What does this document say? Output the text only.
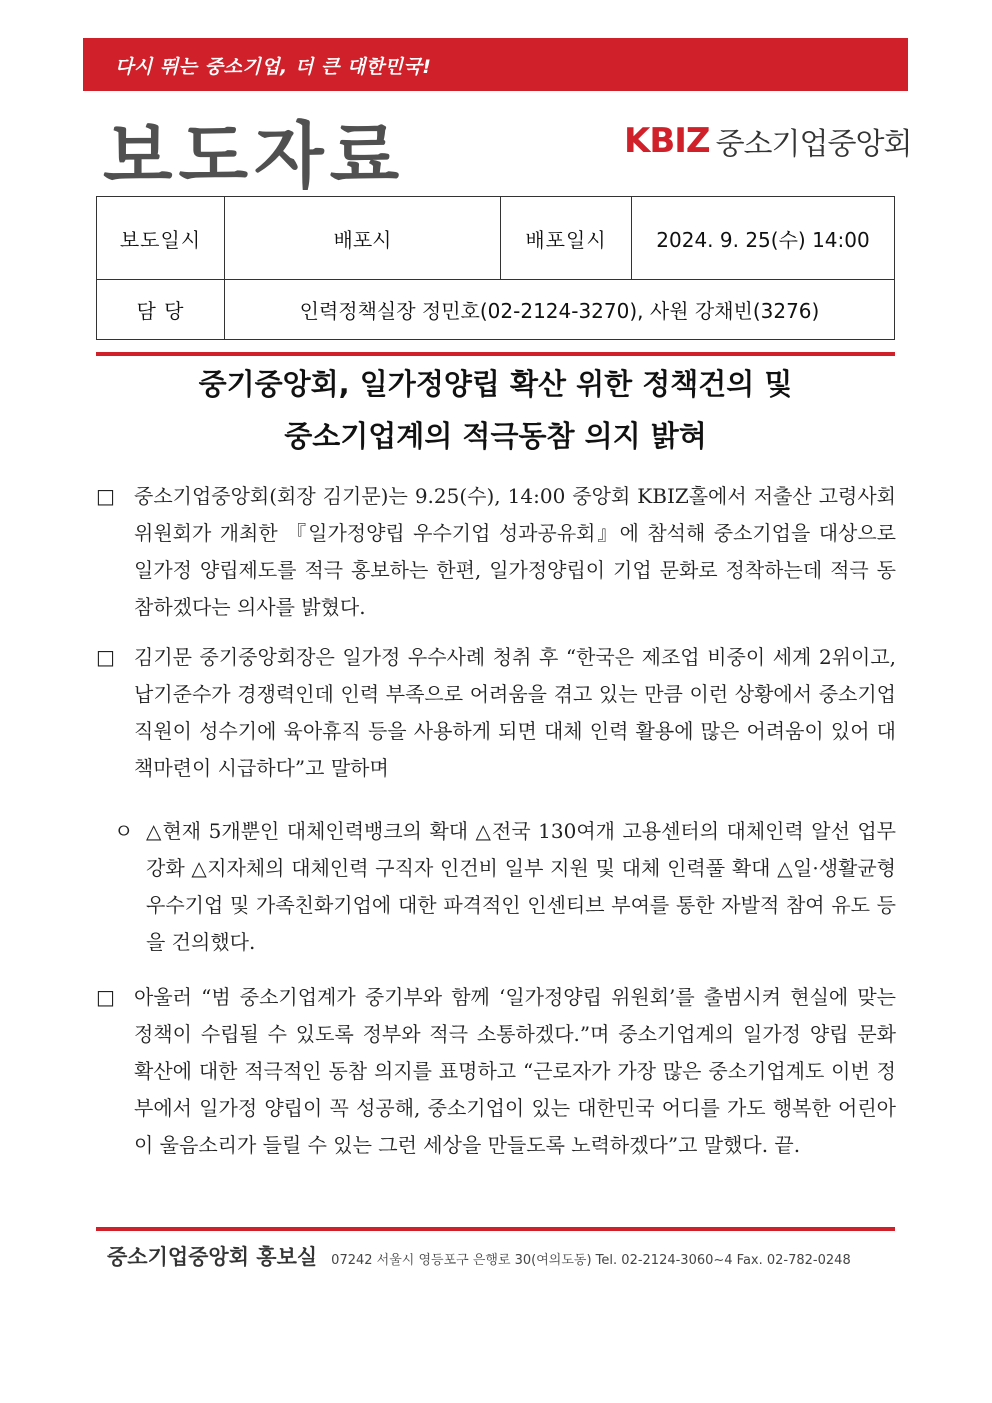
다시 뛰는 중소기업, 더 큰 대한민국!
보도자료	KBIZ 중소기업중앙회
보도일시	배포시	배포일시	2024. 9. 25(수) 14:00
담 당	인력정책실장 정민호(02-2124-3270), 사원 강채빈(3276)		
중기중앙회, 일가정양립 확산 위한 정책건의 및
중소기업계의 적극동참 의지 밝혀
□ 중소기업중앙회(회장 김기문)는 9.25(수), 14:00 중앙회 KBIZ홀에서 저출산 고령사회위원회가 개최한 『일가정양립 우수기업 성과공유회』에 참석해 중소기업을 대상으로 일가정 양립제도를 적극 홍보하는 한편, 일가정양립이 기업 문화로 정착하는데 적극 동참하겠다는 의사를 밝혔다.
□ 김기문 중기중앙회장은 일가정 우수사례 청취 후 “한국은 제조업 비중이 세계 2위이고, 납기준수가 경쟁력인데 인력 부족으로 어려움을 겪고 있는 만큼 이런 상황에서 중소기업 직원이 성수기에 육아휴직 등을 사용하게 되면 대체 인력 활용에 많은 어려움이 있어 대책마련이 시급하다”고 말하며
ㅇ △현재 5개뿐인 대체인력뱅크의 확대 △전국 130여개 고용센터의 대체인력 알선 업무 강화 △지자체의 대체인력 구직자 인건비 일부 지원 및 대체 인력풀 확대 △일·생활균형 우수기업 및 가족친화기업에 대한 파격적인 인센티브 부여를 통한 자발적 참여 유도 등을 건의했다.
□ 아울러 “범 중소기업계가 중기부와 함께 ‘일가정양립 위원회’를 출범시켜 현실에 맞는 정책이 수립될 수 있도록 정부와 적극 소통하겠다.”며 중소기업계의 일가정 양립 문화 확산에 대한 적극적인 동참 의지를 표명하고 “근로자가 가장 많은 중소기업계도 이번 정부에서 일가정 양립이 꼭 성공해, 중소기업이 있는 대한민국 어디를 가도 행복한 어린아이 울음소리가 들릴 수 있는 그런 세상을 만들도록 노력하겠다”고 말했다. 끝.
중소기업중앙회 홍보실 07242 서울시 영등포구 은행로 30(여의도동) Tel. 02-2124-3060~4 Fax. 02-782-0248
